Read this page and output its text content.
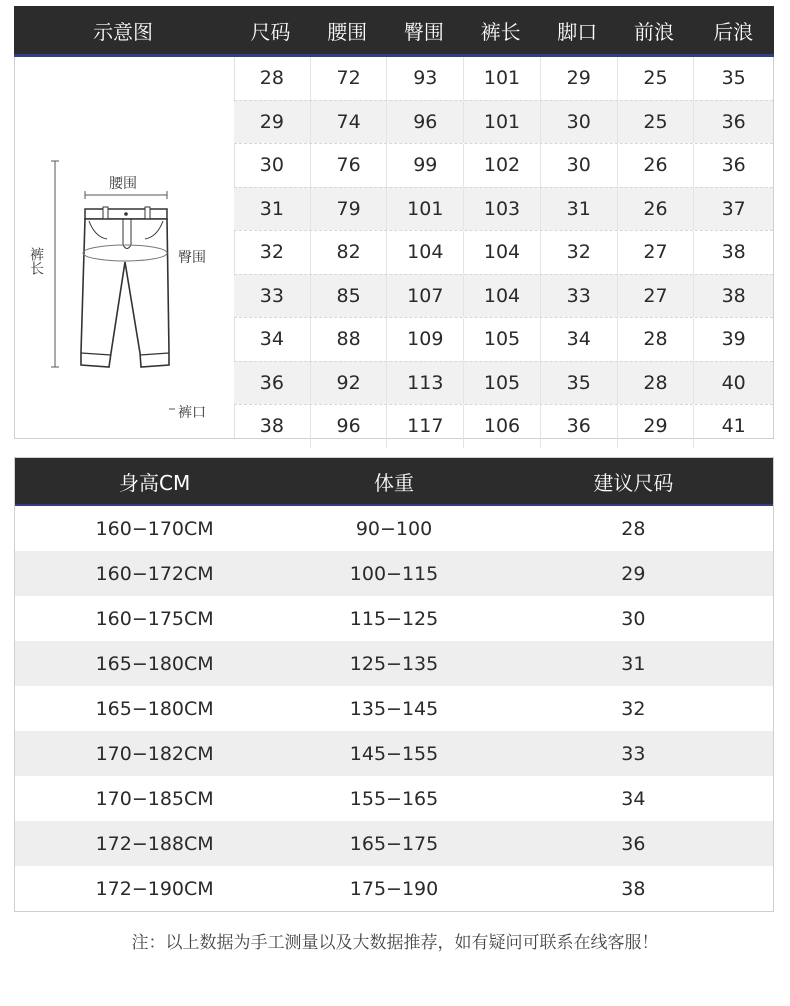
示意图	尺码	腰围	臀围	裤长	脚口	前浪	后浪
腰围
臀围
裤长
裤口
28	72	93	101	29	25	35
29	74	96	101	30	25	36
30	76	99	102	30	26	36
31	79	101	103	31	26	37
32	82	104	104	32	27	38
33	85	107	104	33	27	38
34	88	109	105	34	28	39
36	92	113	105	35	28	40
38	96	117	106	36	29	41
身高CM	体重	建议尺码
160−170CM	90−100	28
160−172CM	100−115	29
160−175CM	115−125	30
165−180CM	125−135	31
165−180CM	135−145	32
170−182CM	145−155	33
170−185CM	155−165	34
172−188CM	165−175	36
172−190CM	175−190	38
注：以上数据为手工测量以及大数据推荐，如有疑问可联系在线客服！
